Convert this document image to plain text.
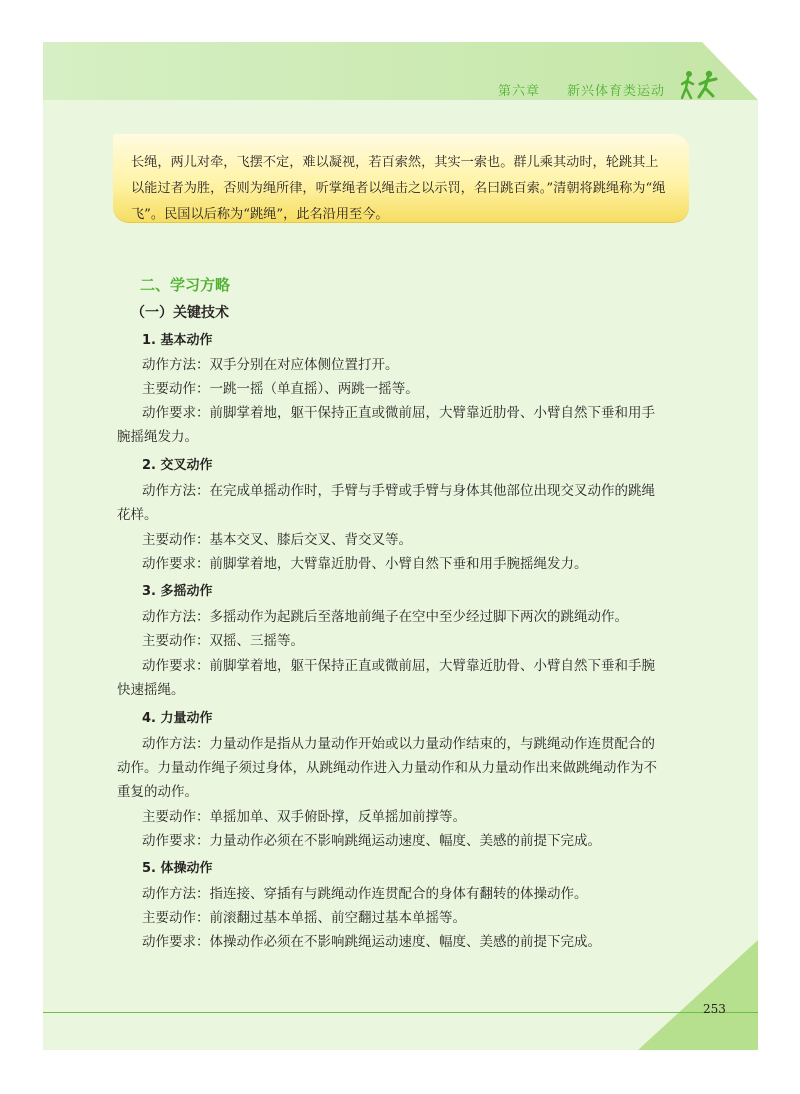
第六章 新兴体育类运动

长绳，两儿对牵，飞摆不定，难以凝视，若百索然，其实一索也。群儿乘其动时，轮跳其上以能过者为胜，否则为绳所律，听掌绳者以绳击之以示罚，名曰跳百索。”清朝将跳绳称为“绳飞”。民国以后称为“跳绳”，此名沿用至今。

二、学习方略
（一）关键技术
1. 基本动作
动作方法：双手分别在对应体侧位置打开。
主要动作：一跳一摇（单直摇）、两跳一摇等。
动作要求：前脚掌着地，躯干保持正直或微前屈，大臂靠近肋骨、小臂自然下垂和用手
腕摇绳发力。
2. 交叉动作
动作方法：在完成单摇动作时，手臂与手臂或手臂与身体其他部位出现交叉动作的跳绳
花样。
主要动作：基本交叉、膝后交叉、背交叉等。
动作要求：前脚掌着地，大臂靠近肋骨、小臂自然下垂和用手腕摇绳发力。
3. 多摇动作
动作方法：多摇动作为起跳后至落地前绳子在空中至少经过脚下两次的跳绳动作。
主要动作：双摇、三摇等。
动作要求：前脚掌着地，躯干保持正直或微前屈，大臂靠近肋骨、小臂自然下垂和手腕
快速摇绳。
4. 力量动作
动作方法：力量动作是指从力量动作开始或以力量动作结束的，与跳绳动作连贯配合的
动作。力量动作绳子须过身体，从跳绳动作进入力量动作和从力量动作出来做跳绳动作为不
重复的动作。
主要动作：单摇加单、双手俯卧撑，反单摇加前撑等。
动作要求：力量动作必须在不影响跳绳运动速度、幅度、美感的前提下完成。
5. 体操动作
动作方法：指连接、穿插有与跳绳动作连贯配合的身体有翻转的体操动作。
主要动作：前滚翻过基本单摇、前空翻过基本单摇等。
动作要求：体操动作必须在不影响跳绳运动速度、幅度、美感的前提下完成。
253
